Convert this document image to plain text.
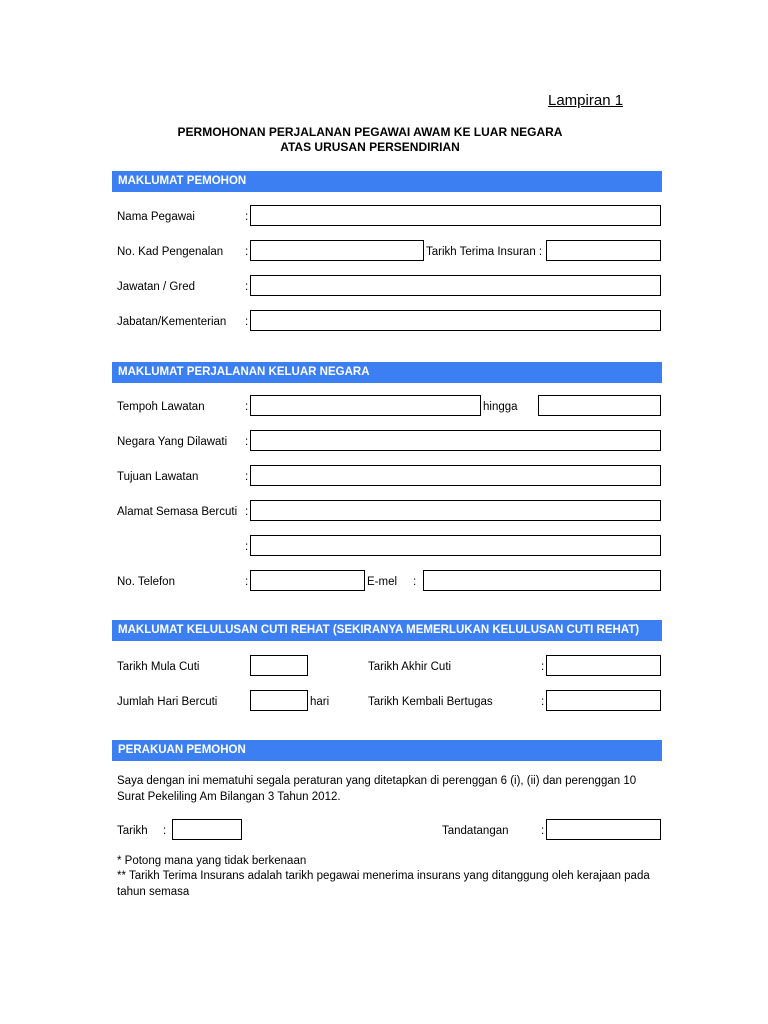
Lampiran 1
PERMOHONAN PERJALANAN PEGAWAI AWAM KE LUAR NEGARA
ATAS URUSAN PERSENDIRIAN
MAKLUMAT PEMOHON
Nama Pegawai	:
No. Kad Pengenalan :	Tarikh Terima Insuran :
Jawatan / Gred	:
Jabatan/Kementerian :
MAKLUMAT PERJALANAN KELUAR NEGARA
Tempoh Lawatan	:	hingga
Negara Yang Dilawati :
Tujuan Lawatan	:
Alamat Semasa Bercuti :
:
No. Telefon	:	E-mel :
MAKLUMAT KELULUSAN CUTI REHAT (SEKIRANYA MEMERLUKAN KELULUSAN CUTI REHAT)
Tarikh Mula Cuti	Tarikh Akhir Cuti	:
Jumlah Hari Bercuti	hari	Tarikh Kembali Bertugas	:
PERAKUAN PEMOHON
Saya dengan ini mematuhi segala peraturan yang ditetapkan di perenggan 6 (i), (ii) dan perenggan 10 Surat Pekeliling Am Bilangan 3 Tahun 2012.
Tarikh :	Tandatangan	:
* Potong mana yang tidak berkenaan
** Tarikh Terima Insurans adalah tarikh pegawai menerima insurans yang ditanggung oleh kerajaan pada tahun semasa
